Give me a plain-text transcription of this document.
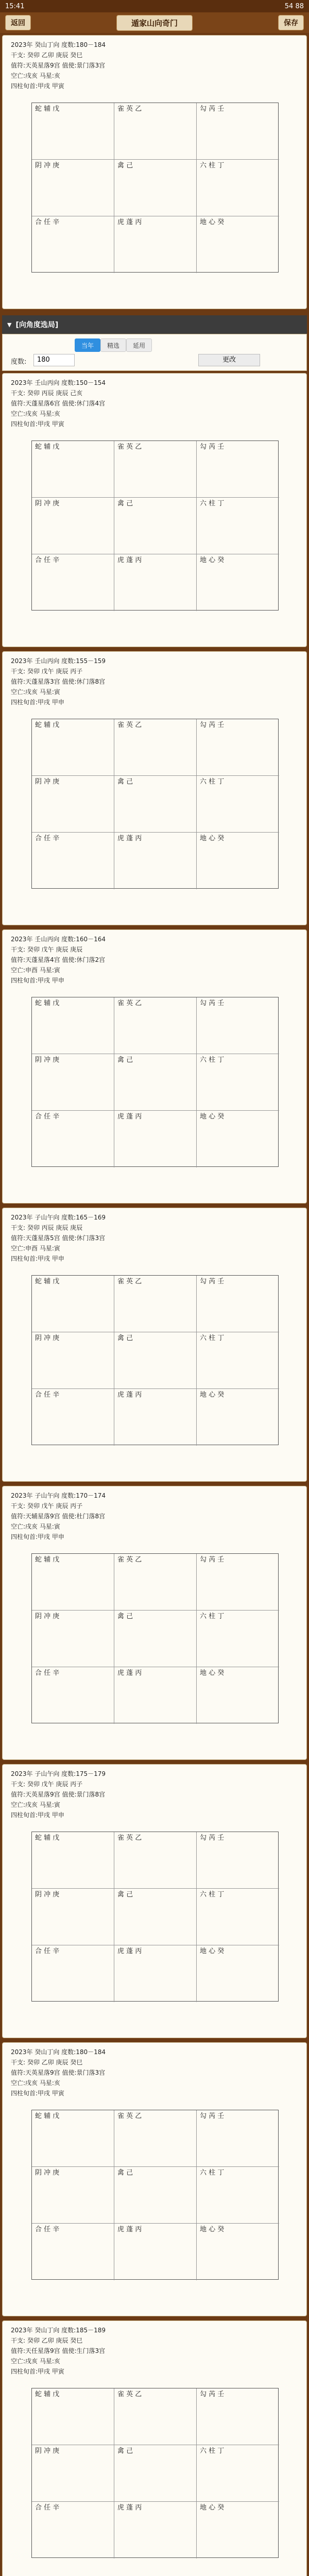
15:41	54 88
返回	遁家山向奇门	保存
2023年 癸山丁向 度数:180－184
干支: 癸卯 乙卯 庚辰 癸巳
值符:天英星落9宫 值使:景门落3宫
空亡:戌亥 马星:亥
四柱旬首:甲戌 甲寅
蛇 辅 戊	雀 英 乙	勾 芮 壬
阴 冲 庚	禽 己	六 柱 丁
合 任 辛	虎 蓬 丙	地 心 癸
▼ [向角度选局]
当年	精选	延用
度数:	180	更改
2023年 壬山丙向 度数:150－154
干支: 癸卯 丙辰 庚辰 己亥
值符:天蓬星落6宫 值使:休门落4宫
空亡:戌亥 马星:亥
四柱旬首:甲戌 甲寅
蛇 辅 戊	雀 英 乙	勾 芮 壬
阴 冲 庚	禽 己	六 柱 丁
合 任 辛	虎 蓬 丙	地 心 癸
2023年 壬山丙向 度数:155－159
干支: 癸卯 戊午 庚辰 丙子
值符:天蓬星落3宫 值使:休门落8宫
空亡:戌亥 马星:寅
四柱旬首:甲戌 甲申
蛇 辅 戊	雀 英 乙	勾 芮 壬
阴 冲 庚	禽 己	六 柱 丁
合 任 辛	虎 蓬 丙	地 心 癸
2023年 壬山丙向 度数:160－164
干支: 癸卯 戊午 庚辰 庚辰
值符:天蓬星落4宫 值使:休门落2宫
空亡:申酉 马星:寅
四柱旬首:甲戌 甲申
蛇 辅 戊	雀 英 乙	勾 芮 壬
阴 冲 庚	禽 己	六 柱 丁
合 任 辛	虎 蓬 丙	地 心 癸
2023年 子山午向 度数:165－169
干支: 癸卯 丙辰 庚辰 庚辰
值符:天蓬星落5宫 值使:休门落3宫
空亡:申酉 马星:寅
四柱旬首:甲戌 甲申
蛇 辅 戊	雀 英 乙	勾 芮 壬
阴 冲 庚	禽 己	六 柱 丁
合 任 辛	虎 蓬 丙	地 心 癸
2023年 子山午向 度数:170－174
干支: 癸卯 戊午 庚辰 丙子
值符:天辅星落9宫 值使:杜门落8宫
空亡:戌亥 马星:寅
四柱旬首:甲戌 甲申
蛇 辅 戊	雀 英 乙	勾 芮 壬
阴 冲 庚	禽 己	六 柱 丁
合 任 辛	虎 蓬 丙	地 心 癸
2023年 子山午向 度数:175－179
干支: 癸卯 戊午 庚辰 丙子
值符:天英星落9宫 值使:景门落8宫
空亡:戌亥 马星:寅
四柱旬首:甲戌 甲申
蛇 辅 戊	雀 英 乙	勾 芮 壬
阴 冲 庚	禽 己	六 柱 丁
合 任 辛	虎 蓬 丙	地 心 癸
2023年 癸山丁向 度数:180－184
干支: 癸卯 乙卯 庚辰 癸巳
值符:天英星落9宫 值使:景门落3宫
空亡:戌亥 马星:亥
四柱旬首:甲戌 甲寅
蛇 辅 戊	雀 英 乙	勾 芮 壬
阴 冲 庚	禽 己	六 柱 丁
合 任 辛	虎 蓬 丙	地 心 癸
2023年 癸山丁向 度数:185－189
干支: 癸卯 乙卯 庚辰 癸巳
值符:天任星落9宫 值使:生门落3宫
空亡:戌亥 马星:亥
四柱旬首:甲戌 甲寅
蛇 辅 戊	雀 英 乙	勾 芮 壬
阴 冲 庚	禽 己	六 柱 丁
合 任 辛	虎 蓬 丙	地 心 癸
